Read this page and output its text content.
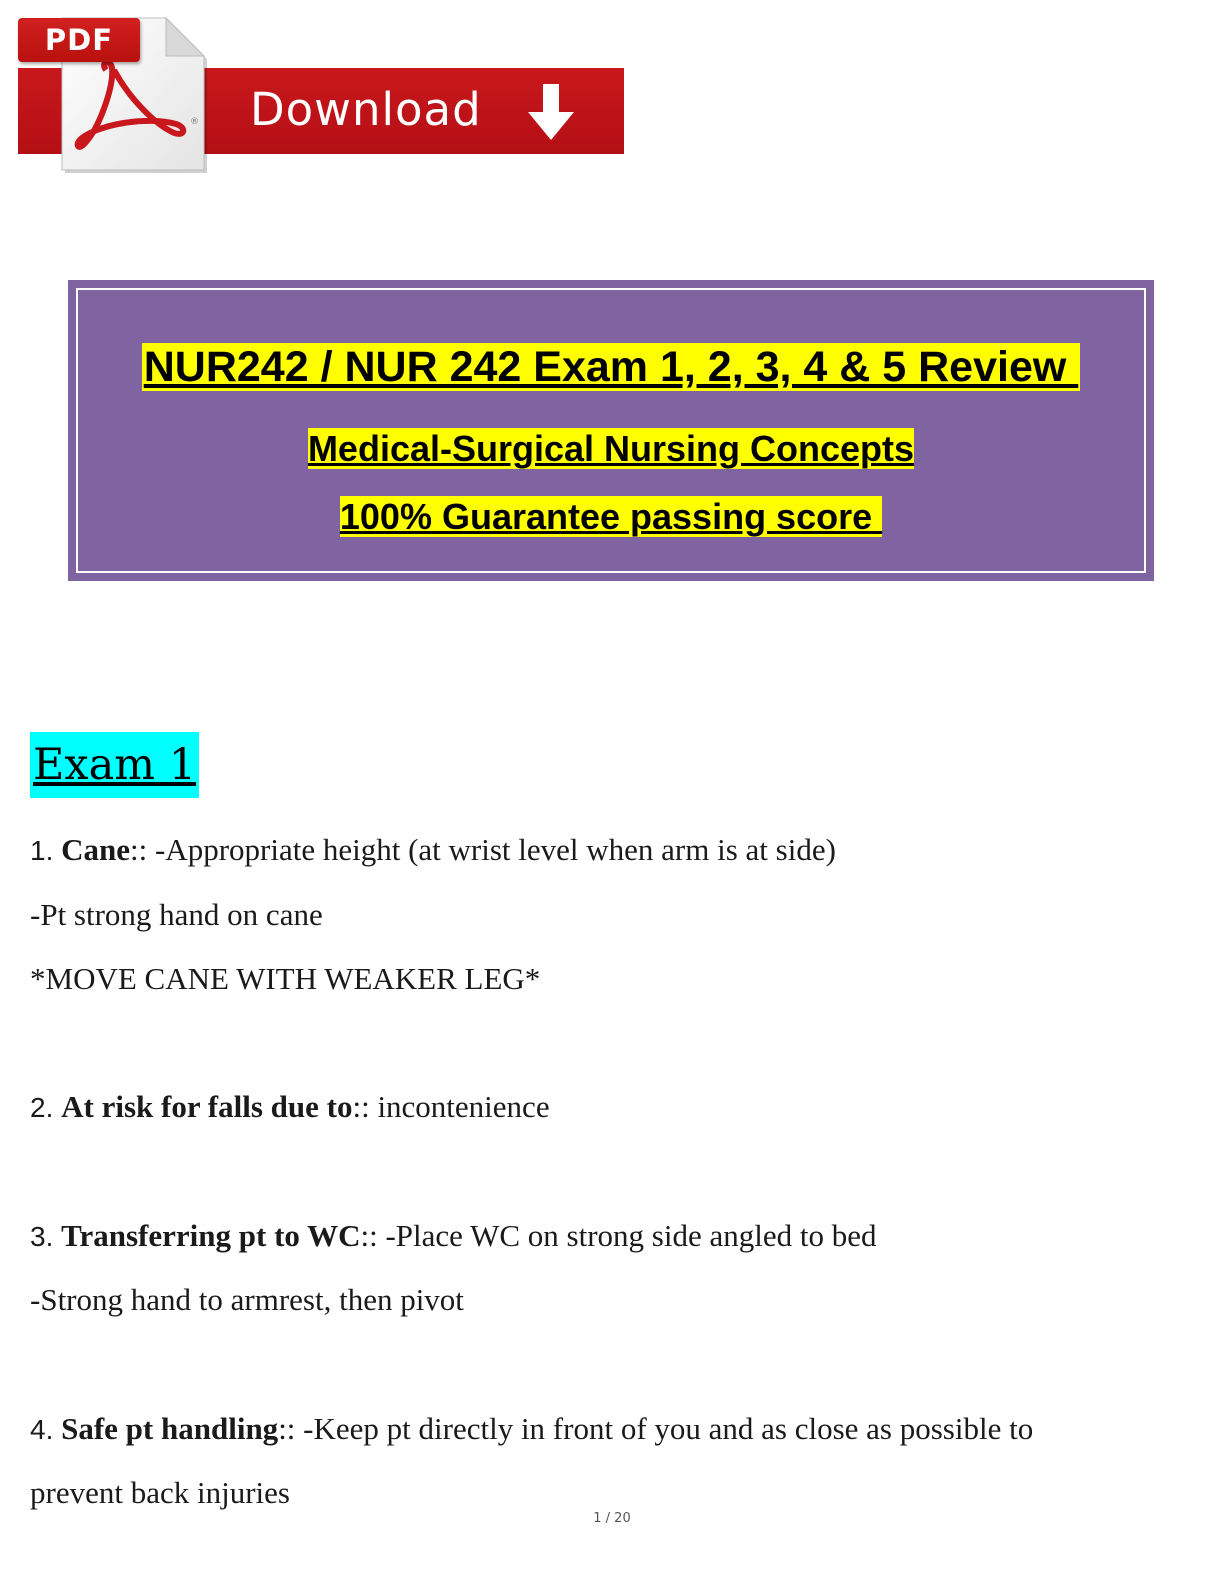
Download
®
PDF
NUR242 / NUR 242 Exam 1, 2, 3, 4 & 5 Review
Medical-Surgical Nursing Concepts
100% Guarantee passing score
Exam 1
1. Cane:: -Appropriate height (at wrist level when arm is at side)
-Pt strong hand on cane
*MOVE CANE WITH WEAKER LEG*
2. At risk for falls due to:: incontenience
3. Transferring pt to WC:: -Place WC on strong side angled to bed
-Strong hand to armrest, then pivot
4. Safe pt handling:: -Keep pt directly in front of you and as close as possible to
prevent back injuries
1 / 20
